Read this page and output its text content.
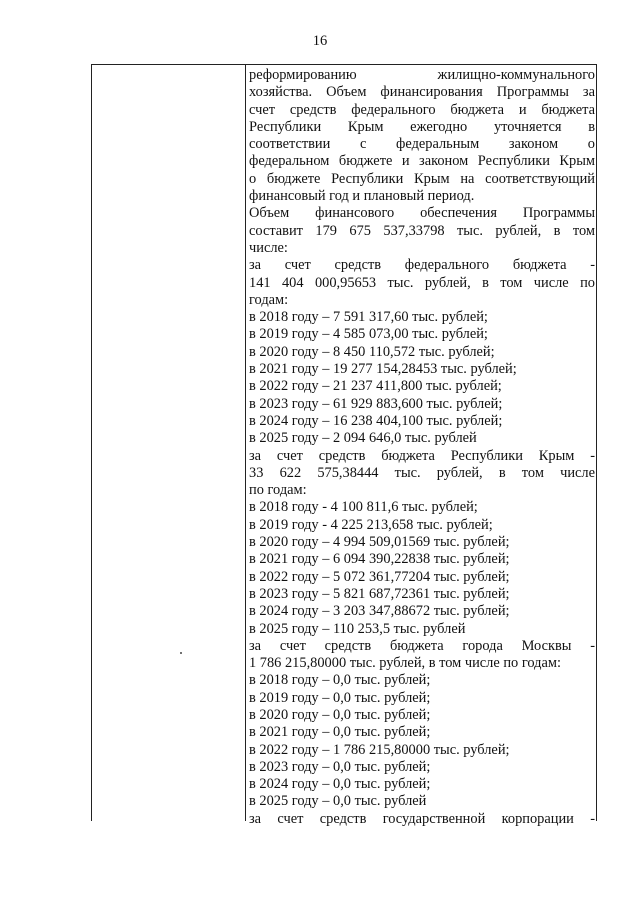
16
реформированию жилищно-коммунального
хозяйства. Объем финансирования Программы за
счет средств федерального бюджета и бюджета
Республики Крым ежегодно уточняется в
соответствии с федеральным законом о
федеральном бюджете и законом Республики Крым
о бюджете Республики Крым на соответствующий
финансовый год и плановый период.
Объем финансового обеспечения Программы
составит 179 675 537,33798 тыс. рублей, в том
числе:
за счет средств федерального бюджета -
141 404 000,95653 тыс. рублей, в том числе по
годам:
в 2018 году – 7 591 317,60 тыс. рублей;
в 2019 году – 4 585 073,00 тыс. рублей;
в 2020 году – 8 450 110,572 тыс. рублей;
в 2021 году – 19 277 154,28453 тыс. рублей;
в 2022 году – 21 237 411,800 тыс. рублей;
в 2023 году – 61 929 883,600 тыс. рублей;
в 2024 году – 16 238 404,100 тыс. рублей;
в 2025 году – 2 094 646,0 тыс. рублей
за счет средств бюджета Республики Крым -
33 622 575,38444 тыс. рублей, в том числе
по годам:
в 2018 году - 4 100 811,6 тыс. рублей;
в 2019 году - 4 225 213,658 тыс. рублей;
в 2020 году – 4 994 509,01569 тыс. рублей;
в 2021 году – 6 094 390,22838 тыс. рублей;
в 2022 году – 5 072 361,77204 тыс. рублей;
в 2023 году – 5 821 687,72361 тыс. рублей;
в 2024 году – 3 203 347,88672 тыс. рублей;
в 2025 году – 110 253,5 тыс. рублей
за счет средств бюджета города Москвы -
1 786 215,80000 тыс. рублей, в том числе по годам:
в 2018 году – 0,0 тыс. рублей;
в 2019 году – 0,0 тыс. рублей;
в 2020 году – 0,0 тыс. рублей;
в 2021 году – 0,0 тыс. рублей;
в 2022 году – 1 786 215,80000 тыс. рублей;
в 2023 году – 0,0 тыс. рублей;
в 2024 году – 0,0 тыс. рублей;
в 2025 году – 0,0 тыс. рублей
за счет средств государственной корпорации -
